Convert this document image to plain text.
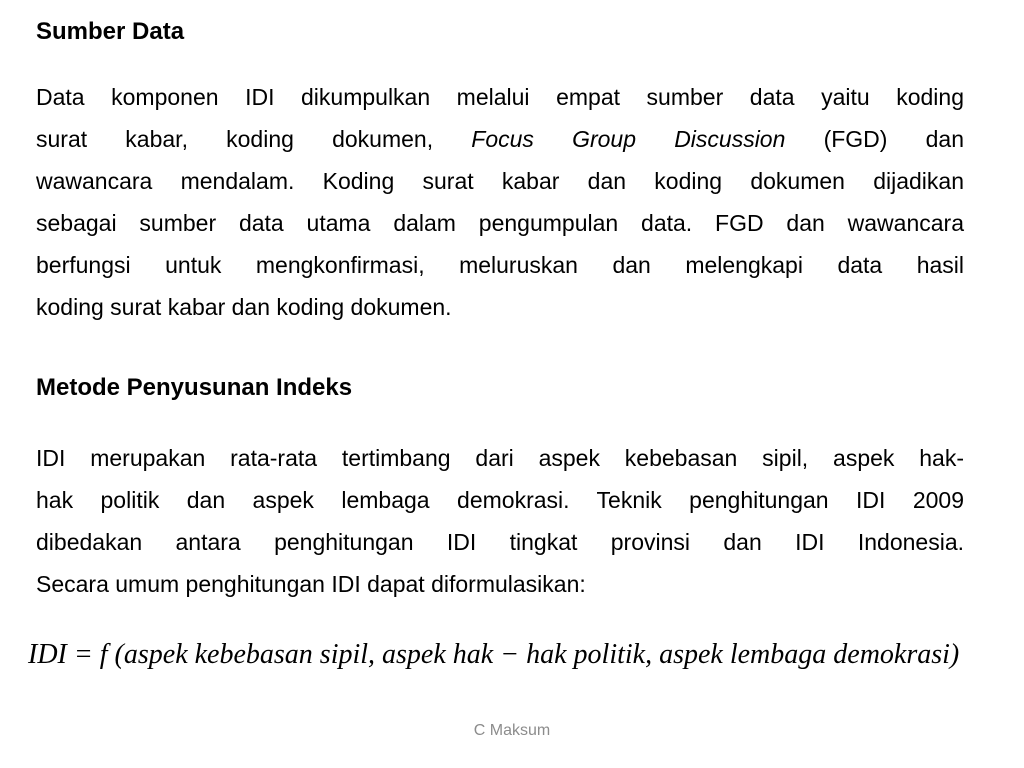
Sumber Data
Data komponen IDI dikumpulkan melalui empat sumber data yaitu koding
surat kabar, koding dokumen, Focus Group Discussion (FGD) dan
wawancara mendalam. Koding surat kabar dan koding dokumen dijadikan
sebagai sumber data utama dalam pengumpulan data. FGD dan wawancara
berfungsi untuk mengkonfirmasi, meluruskan dan melengkapi data hasil
koding surat kabar dan koding dokumen.
Metode Penyusunan Indeks
IDI merupakan rata-rata tertimbang dari aspek kebebasan sipil, aspek hak-
hak politik dan aspek lembaga demokrasi. Teknik penghitungan IDI 2009
dibedakan antara penghitungan IDI tingkat provinsi dan IDI Indonesia.
Secara umum penghitungan IDI dapat diformulasikan:
IDI = f (aspek kebebasan sipil, aspek hak − hak politik, aspek lembaga demokrasi)
C Maksum
